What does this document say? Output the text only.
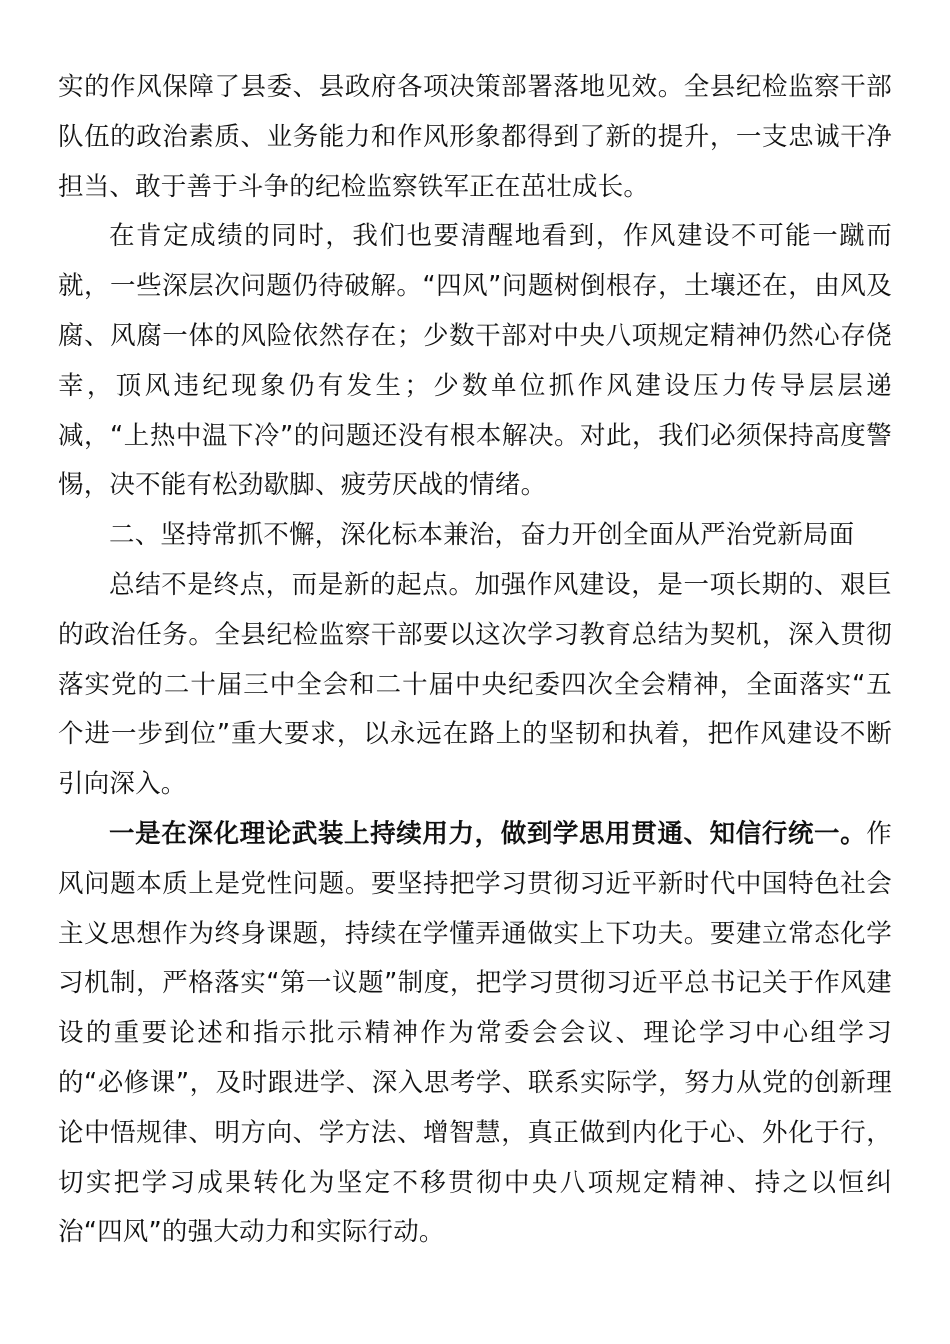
实的作风保障了县委、县政府各项决策部署落地见效。全县纪检监察干部队伍的政治素质、业务能力和作风形象都得到了新的提升，一支忠诚干净担当、敢于善于斗争的纪检监察铁军正在茁壮成长。

在肯定成绩的同时，我们也要清醒地看到，作风建设不可能一蹴而就，一些深层次问题仍待破解。“四风”问题树倒根存，土壤还在，由风及腐、风腐一体的风险依然存在；少数干部对中央八项规定精神仍然心存侥幸，顶风违纪现象仍有发生；少数单位抓作风建设压力传导层层递减，“上热中温下冷”的问题还没有根本解决。对此，我们必须保持高度警惕，决不能有松劲歇脚、疲劳厌战的情绪。

二、坚持常抓不懈，深化标本兼治，奋力开创全面从严治党新局面

总结不是终点，而是新的起点。加强作风建设，是一项长期的、艰巨的政治任务。全县纪检监察干部要以这次学习教育总结为契机，深入贯彻落实党的二十届三中全会和二十届中央纪委四次全会精神，全面落实“五个进一步到位”重大要求，以永远在路上的坚韧和执着，把作风建设不断引向深入。

一是在深化理论武装上持续用力，做到学思用贯通、知信行统一。作风问题本质上是党性问题。要坚持把学习贯彻习近平新时代中国特色社会主义思想作为终身课题，持续在学懂弄通做实上下功夫。要建立常态化学习机制，严格落实“第一议题”制度，把学习贯彻习近平总书记关于作风建设的重要论述和指示批示精神作为常委会会议、理论学习中心组学习的“必修课”，及时跟进学、深入思考学、联系实际学，努力从党的创新理论中悟规律、明方向、学方法、增智慧，真正做到内化于心、外化于行，切实把学习成果转化为坚定不移贯彻中央八项规定精神、持之以恒纠治“四风”的强大动力和实际行动。
